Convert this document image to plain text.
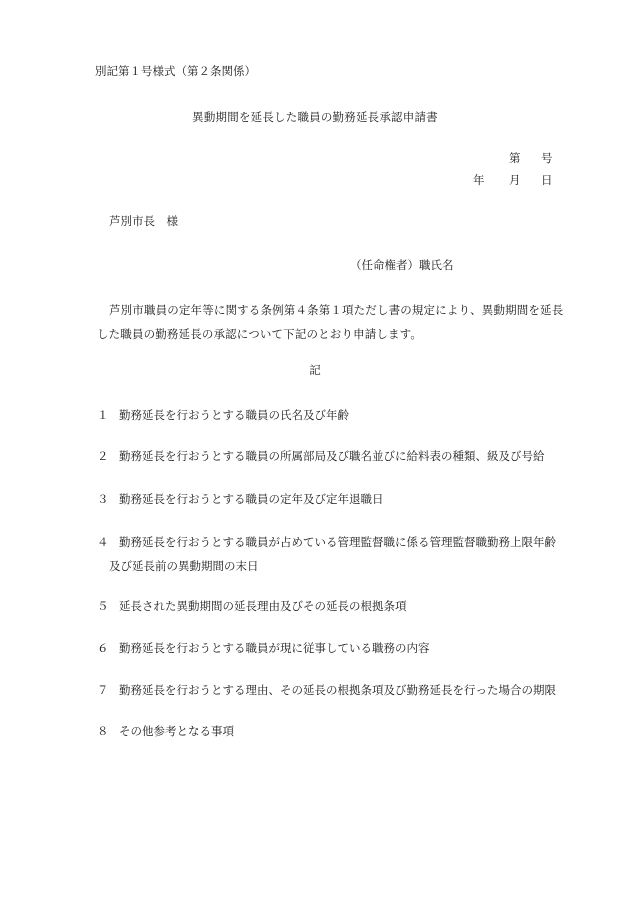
別記第１号様式（第２条関係）
異動期間を延長した職員の勤務延長承認申請書
第 号
年 月 日
芦別市長　様
（任命権者）職氏名
芦別市職員の定年等に関する条例第４条第１項ただし書の規定により、異動期間を延長した職員の勤務延長の承認について下記のとおり申請します。
記
１ 勤務延長を行おうとする職員の氏名及び年齢
２ 勤務延長を行おうとする職員の所属部局及び職名並びに給料表の種類、級及び号給
３ 勤務延長を行おうとする職員の定年及び定年退職日
４ 勤務延長を行おうとする職員が占めている管理監督職に係る管理監督職勤務上限年齢及び延長前の異動期間の末日
５ 延長された異動期間の延長理由及びその延長の根拠条項
６ 勤務延長を行おうとする職員が現に従事している職務の内容
７ 勤務延長を行おうとする理由、その延長の根拠条項及び勤務延長を行った場合の期限
８ その他参考となる事項
